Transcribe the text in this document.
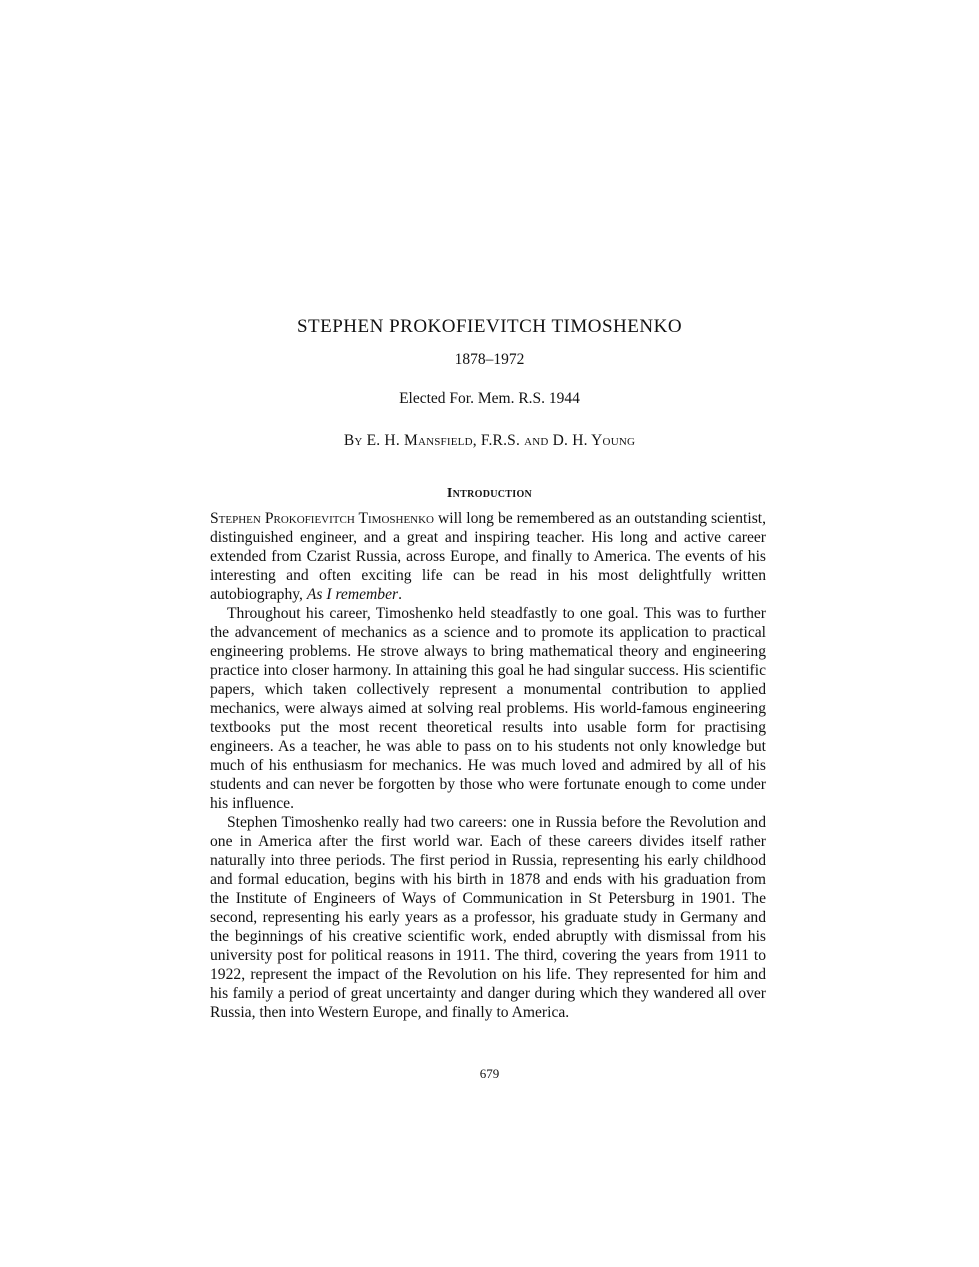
STEPHEN PROKOFIEVITCH TIMOSHENKO
1878–1972
Elected For. Mem. R.S. 1944
By E. H. Mansfield, F.R.S. and D. H. Young
Introduction

Stephen Prokofievitch Timoshenko will long be remembered as an outstanding scientist, distinguished engineer, and a great and inspiring teacher. His long and active career extended from Czarist Russia, across Europe, and finally to America. The events of his interesting and often exciting life can be read in his most delightfully written autobiography, As I remember.

Throughout his career, Timoshenko held steadfastly to one goal. This was to further the advancement of mechanics as a science and to promote its application to practical engineering problems. He strove always to bring mathematical theory and engineering practice into closer harmony. In attaining this goal he had singular success. His scientific papers, which taken collectively represent a monumental contribution to applied mechanics, were always aimed at solving real problems. His world-famous engineering textbooks put the most recent theoretical results into usable form for practising engineers. As a teacher, he was able to pass on to his students not only knowledge but much of his enthusiasm for mechanics. He was much loved and admired by all of his students and can never be forgotten by those who were fortunate enough to come under his influence.

Stephen Timoshenko really had two careers: one in Russia before the Revolution and one in America after the first world war. Each of these careers divides itself rather naturally into three periods. The first period in Russia, representing his early childhood and formal education, begins with his birth in 1878 and ends with his graduation from the Institute of Engineers of Ways of Communication in St Petersburg in 1901. The second, representing his early years as a professor, his graduate study in Germany and the beginnings of his creative scientific work, ended abruptly with dismissal from his university post for political reasons in 1911. The third, covering the years from 1911 to 1922, represent the impact of the Revolution on his life. They represented for him and his family a period of great uncertainty and danger during which they wandered all over Russia, then into Western Europe, and finally to America.

679
